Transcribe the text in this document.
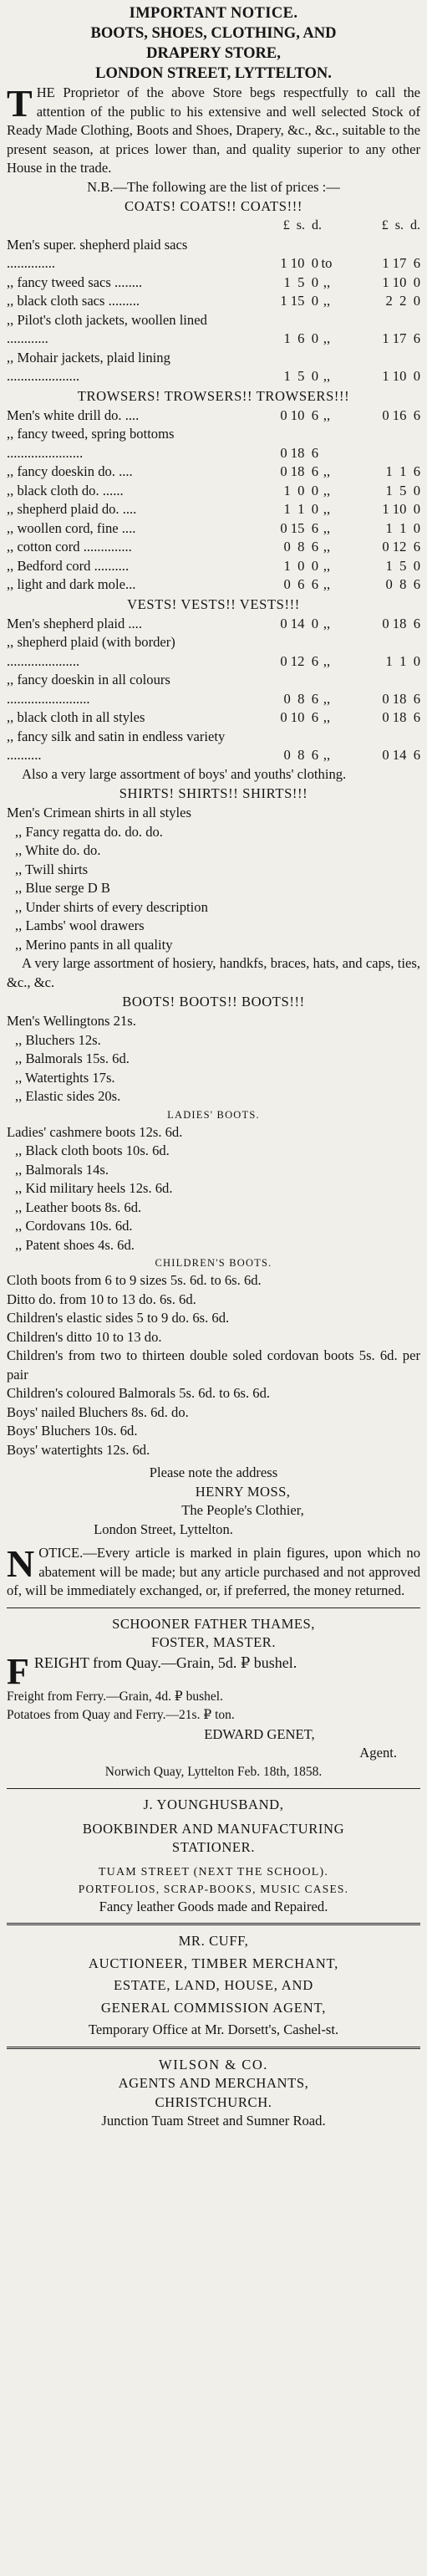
IMPORTANT NOTICE.
BOOTS, SHOES, CLOTHING, AND
DRAPERY STORE,
LONDON STREET, LYTTELTON.

THE Proprietor of the above Store begs respectfully to call the attention of the public to his extensive and well selected Stock of Ready Made Clothing, Boots and Shoes, Drapery, &c., &c., suitable to the present season, at prices lower than, and quality superior to any other House in the trade.

N.B.—The following are the list of prices :—
COATS! COATS!! COATS!!!
£  s.  d.	£  s.  d.
Men's super. shepherd plaid sacs ..............	1 10  0	to	1 17  6
,, fancy tweed sacs ........	1  5  0	,,	1 10  0
,, black cloth sacs .........	1 15  0	,,	2  2  0
,, Pilot's cloth jackets, woollen lined ............	1  6  0	,,	1 17  6
,, Mohair jackets, plaid lining .....................	1  5  0	,,	1 10  0
TROWSERS! TROWSERS!! TROWSERS!!!
Men's white drill do. ....	0 10  6	,,	0 16  6
,, fancy tweed, spring bottoms ......................	0 18  6		
,, fancy doeskin do. ....	0 18  6	,,	1  1  6
,, black cloth do. ......	1  0  0	,,	1  5  0
,, shepherd plaid do. ....	1  1  0	,,	1 10  0
,, woollen cord, fine ....	0 15  6	,,	1  1  0
,, cotton cord ..............	0  8  6	,,	0 12  6
,, Bedford cord ..........	1  0  0	,,	1  5  0
,, light and dark mole...	0  6  6	,,	0  8  6
VESTS! VESTS!! VESTS!!!
Men's shepherd plaid ....	0 14  0	,,	0 18  6
,, shepherd plaid (with border) .....................	0 12  6	,,	1  1  0
,, fancy doeskin in all colours ........................	0  8  6	,,	0 18  6
,, black cloth in all styles	0 10  6	,,	0 18  6
,, fancy silk and satin in endless variety ..........	0  8  6	,,	0 14  6

Also a very large assortment of boys' and youths' clothing.

SHIRTS! SHIRTS!! SHIRTS!!!
Men's Crimean shirts in all styles
,, Fancy regatta do. do. do.
,, White do. do.
,, Twill shirts
,, Blue serge D B
,, Under shirts of every description
,, Lambs' wool drawers
,, Merino pants in all quality

A very large assortment of hosiery, handkfs, braces, hats, and caps, ties, &c., &c.

BOOTS! BOOTS!! BOOTS!!!
Men's Wellingtons 21s.
,, Bluchers 12s.
,, Balmorals 15s. 6d.
,, Watertights 17s.
,, Elastic sides 20s.
LADIES' BOOTS.
Ladies' cashmere boots 12s. 6d.
,, Black cloth boots 10s. 6d.
,, Balmorals 14s.
,, Kid military heels 12s. 6d.
,, Leather boots 8s. 6d.
,, Cordovans 10s. 6d.
,, Patent shoes 4s. 6d.
CHILDREN'S BOOTS.
Cloth boots from 6 to 9 sizes 5s. 6d. to 6s. 6d.
Ditto do. from 10 to 13 do. 6s. 6d.
Children's elastic sides 5 to 9 do. 6s. 6d.
Children's ditto 10 to 13 do.

Children's from two to thirteen double soled cordovan boots 5s. 6d. per pair

Children's coloured Balmorals 5s. 6d. to 6s. 6d.
Boys' nailed Bluchers 8s. 6d. do.
Boys' Bluchers 10s. 6d.
Boys' watertights 12s. 6d.
Please note the address
HENRY MOSS,
The People's Clothier,
London Street, Lyttelton.

NOTICE.—Every article is marked in plain figures, upon which no abatement will be made; but any article purchased and not approved of, will be immediately exchanged, or, if preferred, the money returned.

SCHOONER FATHER THAMES,
FOSTER, MASTER.

FREIGHT from Quay.—Grain, 5d. ₽ bushel.

Freight from Ferry.—Grain, 4d. ₽ bushel.
Potatoes from Quay and Ferry.—21s. ₽ ton.
EDWARD GENET,
Agent.
Norwich Quay, Lyttelton Feb. 18th, 1858.
J. YOUNGHUSBAND,
BOOKBINDER AND MANUFACTURING
STATIONER.
TUAM STREET (NEXT THE SCHOOL).
PORTFOLIOS, SCRAP-BOOKS, MUSIC CASES.
Fancy leather Goods made and Repaired.
MR. CUFF,
AUCTIONEER, TIMBER MERCHANT,
ESTATE, LAND, HOUSE, AND
GENERAL COMMISSION AGENT,
Temporary Office at Mr. Dorsett's, Cashel-st.
WILSON & CO.
AGENTS AND MERCHANTS,
CHRISTCHURCH.
Junction Tuam Street and Sumner Road.
